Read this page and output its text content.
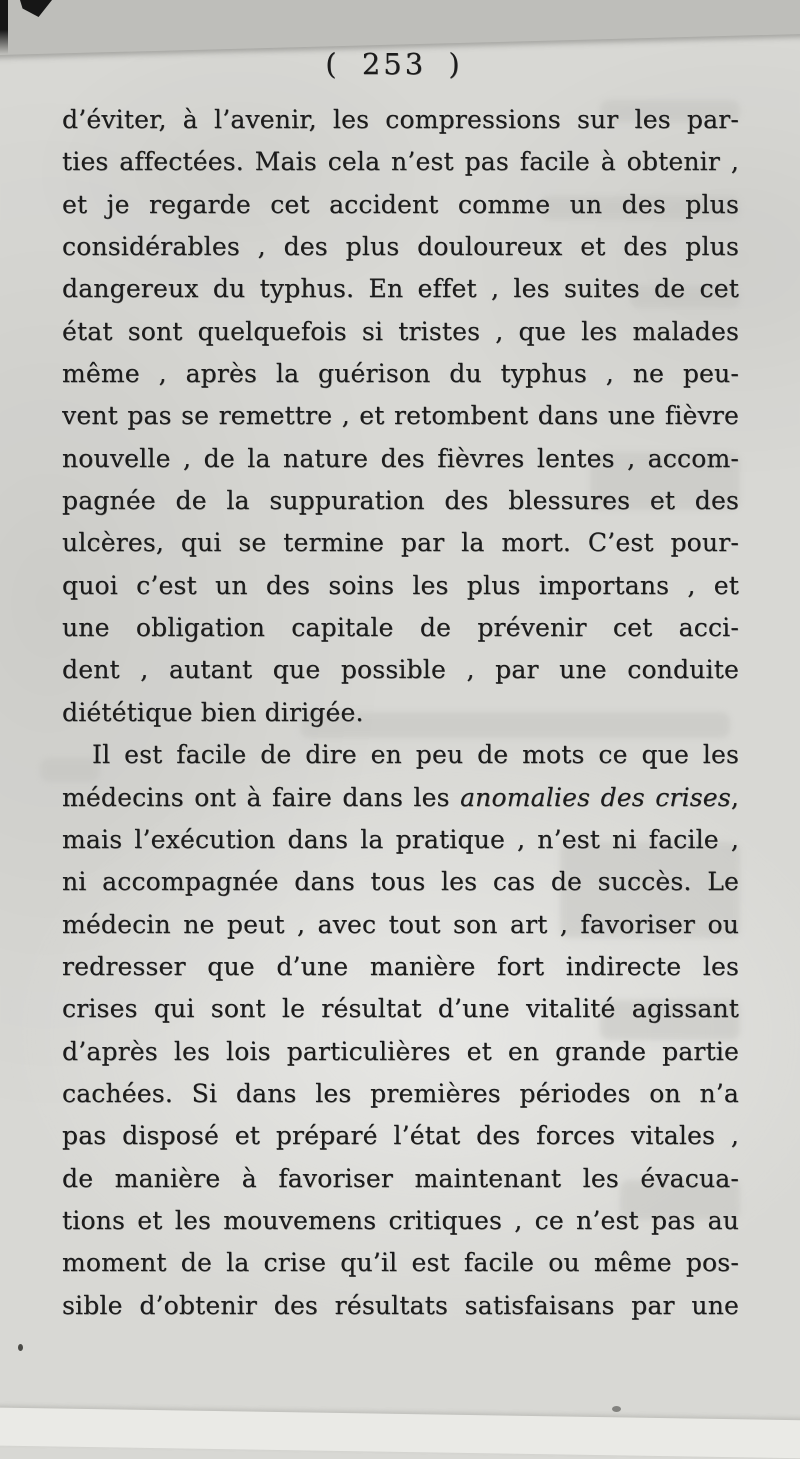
( 253 )
d’éviter, à l’avenir, les compressions sur les par-
ties affectées. Mais cela n’est pas facile à obtenir ,
et je regarde cet accident comme un des plus
considérables , des plus douloureux et des plus
dangereux du typhus. En effet , les suites de cet
état sont quelquefois si tristes , que les malades
même , après la guérison du typhus , ne peu-
vent pas se remettre , et retombent dans une fièvre
nouvelle , de la nature des fièvres lentes , accom-
pagnée de la suppuration des blessures et des
ulcères, qui se termine par la mort. C’est pour-
quoi c’est un des soins les plus importans , et
une obligation capitale de prévenir cet acci-
dent , autant que possible , par une conduite
diététique bien dirigée.
Il est facile de dire en peu de mots ce que les
médecins ont à faire dans les anomalies des crises,
mais l’exécution dans la pratique , n’est ni facile ,
ni accompagnée dans tous les cas de succès. Le
médecin ne peut , avec tout son art , favoriser ou
redresser que d’une manière fort indirecte les
crises qui sont le résultat d’une vitalité agissant
d’après les lois particulières et en grande partie
cachées. Si dans les premières périodes on n’a
pas disposé et préparé l’état des forces vitales ,
de manière à favoriser maintenant les évacua-
tions et les mouvemens critiques , ce n’est pas au
moment de la crise qu’il est facile ou même pos-
sible d’obtenir des résultats satisfaisans par une
